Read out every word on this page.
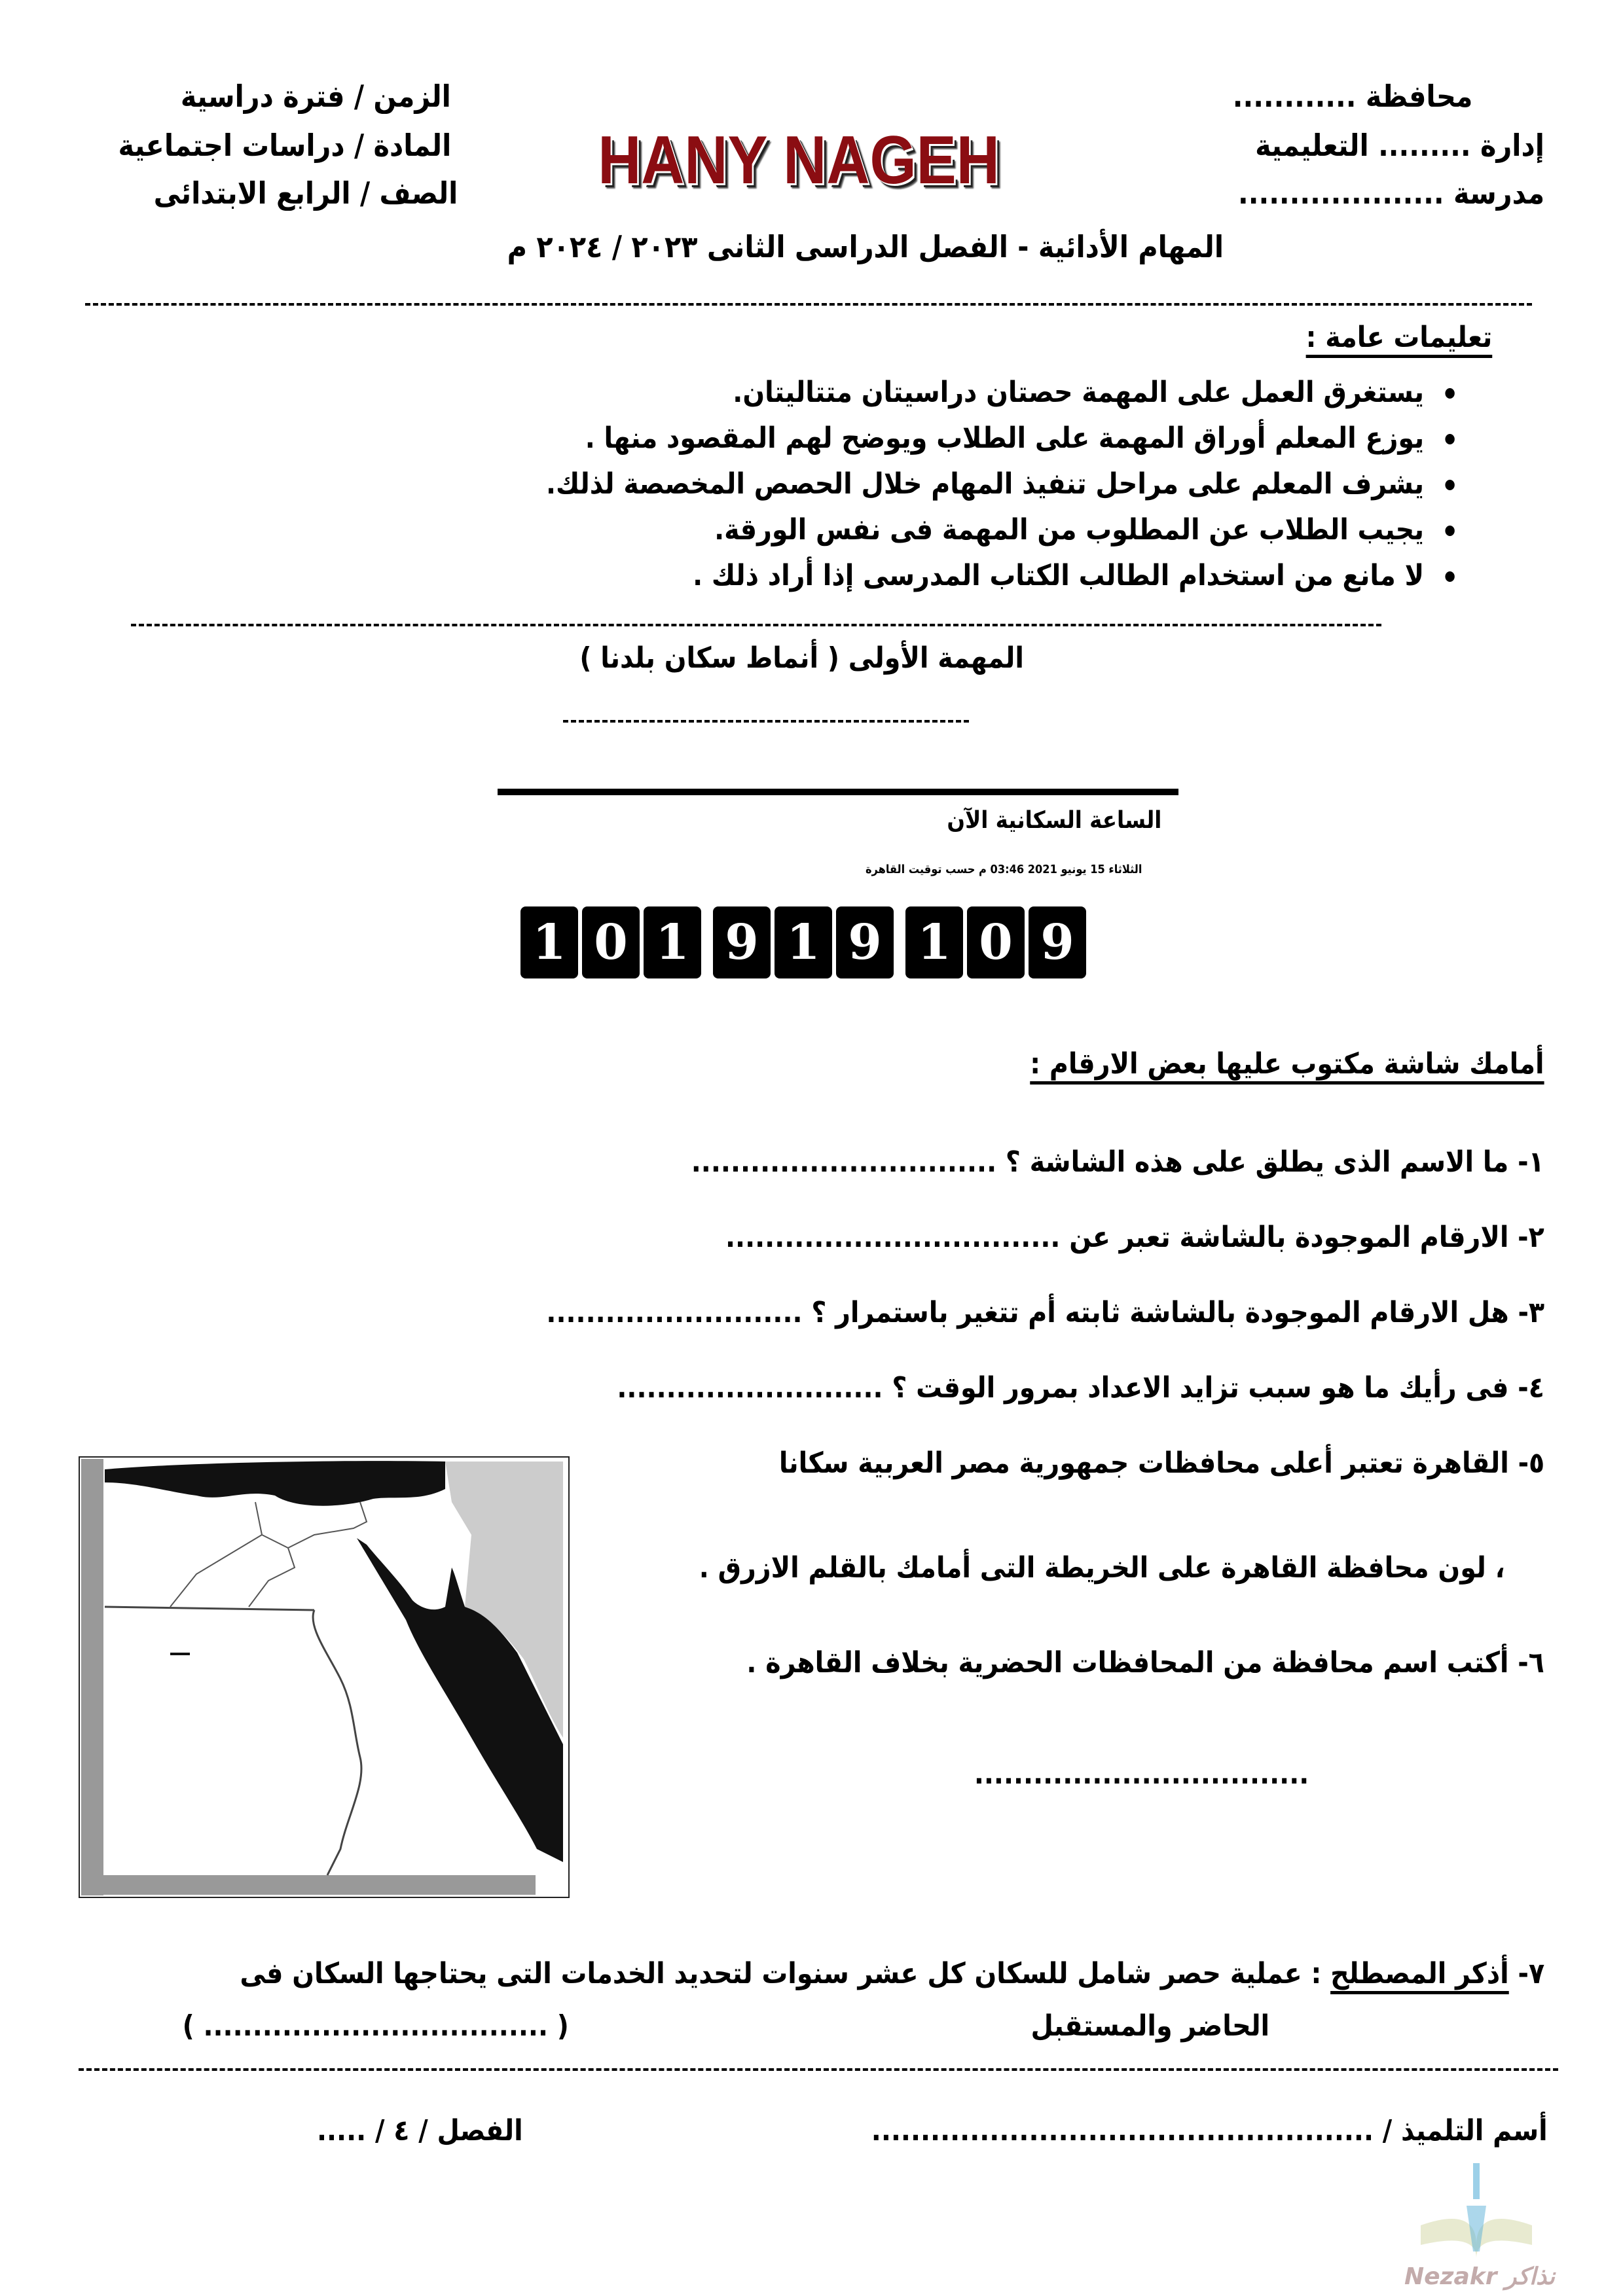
محافظة ............
إدارة ......... التعليمية
مدرسة ....................
الزمن / فترة دراسية
المادة / دراسات اجتماعية
الصف / الرابع الابتدائى HANY NAGEH
المهام الأدائية - الفصل الدراسى الثانى ٢٠٢٣ / ٢٠٢٤ م
تعليمات عامة :
يستغرق العمل على المهمة حصتان دراسيتان متتاليتان.
يوزع المعلم أوراق المهمة على الطلاب ويوضح لهم المقصود منها .
يشرف المعلم على مراحل تنفيذ المهام خلال الحصص المخصصة لذلك.
يجيب الطلاب عن المطلوب من المهمة فى نفس الورقة.
لا مانع من استخدام الطالب الكتاب المدرسى إذا أراد ذلك .
المهمة الأولى ( أنماط سكان بلدنا )
الساعة السكانية الآن
الثلاثاء 15 يونيو 2021 03:46 م حسب توقيت القاهرة
1 0 1 9 1 9 1 0 9
أمامك شاشة مكتوب عليها بعض الارقام :
١- ما الاسم الذى يطلق على هذه الشاشة ؟ ...............................
٢- الارقام الموجودة بالشاشة تعبر عن ..................................
٣- هل الارقام الموجودة بالشاشة ثابته أم تتغير باستمرار ؟ ..........................
٤- فى رأيك ما هو سبب تزايد الاعداد بمرور الوقت ؟ ...........................
٥- القاهرة تعتبر أعلى محافظات جمهورية مصر العربية سكانا
، لون محافظة القاهرة على الخريطة التى أمامك بالقلم الازرق .
٦- أكتب اسم محافظة من المحافظات الحضرية بخلاف القاهرة .
..................................
٧- أذكر المصطلح : عملية حصر شامل للسكان كل عشر سنوات لتحديد الخدمات التى يحتاجها السكان فى
الحاضر والمستقبل
( ................................... )
أسم التلميذ / ...................................................
الفصل / ٤ / .....
Nezakr نذاكر
